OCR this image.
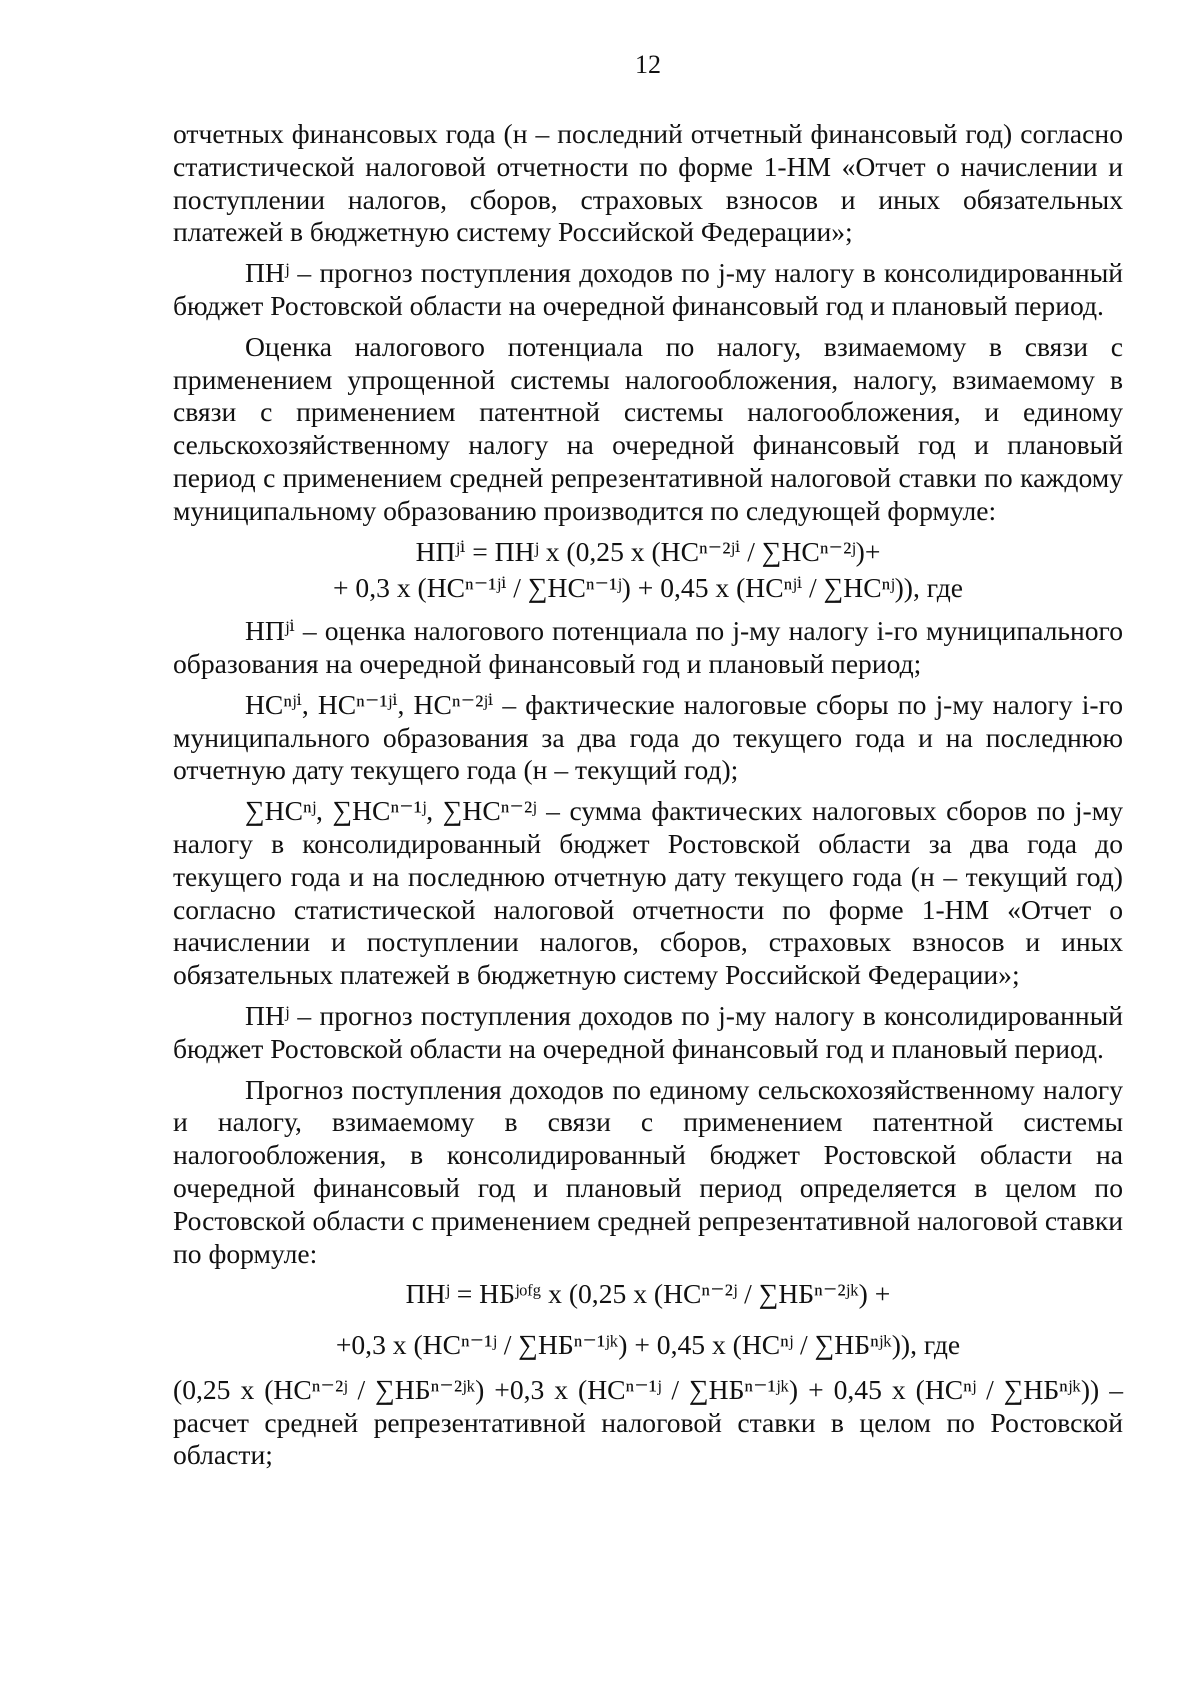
12

отчетных финансовых года (н – последний отчетный финансовый год) согласно статистической налоговой отчетности по форме 1-НМ «Отчет о начислении и поступлении налогов, сборов, страховых взносов и иных обязательных платежей в бюджетную систему Российской Федерации»;

ПНʲ – прогноз поступления доходов по j-му налогу в консолидированный бюджет Ростовской области на очередной финансовый год и плановый период.

Оценка налогового потенциала по налогу, взимаемому в связи с применением упрощенной системы налогообложения, налогу, взимаемому в связи с применением патентной системы налогообложения, и единому сельскохозяйственному налогу на очередной финансовый год и плановый период с применением средней репрезентативной налоговой ставки по каждому муниципальному образованию производится по следующей формуле:

НПʲⁱ = ПНʲ x (0,25 x (НСⁿ⁻²ʲⁱ / ∑НСⁿ⁻²ʲ)+

+ 0,3 x (НСⁿ⁻¹ʲⁱ / ∑НСⁿ⁻¹ʲ) + 0,45 x (НСⁿʲⁱ / ∑НСⁿʲ)), где

НПʲⁱ – оценка налогового потенциала по j-му налогу i-го муниципального образования на очередной финансовый год и плановый период;

НСⁿʲⁱ, НСⁿ⁻¹ʲⁱ, НСⁿ⁻²ʲⁱ – фактические налоговые сборы по j-му налогу i-го муниципального образования за два года до текущего года и на последнюю отчетную дату текущего года (н – текущий год);

∑НСⁿʲ, ∑НСⁿ⁻¹ʲ, ∑НСⁿ⁻²ʲ – сумма фактических налоговых сборов по j-му налогу в консолидированный бюджет Ростовской области за два года до текущего года и на последнюю отчетную дату текущего года (н – текущий год) согласно статистической налоговой отчетности по форме 1-НМ «Отчет о начислении и поступлении налогов, сборов, страховых взносов и иных обязательных платежей в бюджетную систему Российской Федерации»;

ПНʲ – прогноз поступления доходов по j-му налогу в консолидированный бюджет Ростовской области на очередной финансовый год и плановый период.

Прогноз поступления доходов по единому сельскохозяйственному налогу и налогу, взимаемому в связи с применением патентной системы налогообложения, в консолидированный бюджет Ростовской области на очередной финансовый год и плановый период определяется в целом по Ростовской области с применением средней репрезентативной налоговой ставки по формуле:

ПНʲ = НБʲᵒᶠᵍ x (0,25 x (НСⁿ⁻²ʲ / ∑НБⁿ⁻²ʲᵏ) +

+0,3 x (НСⁿ⁻¹ʲ / ∑НБⁿ⁻¹ʲᵏ) + 0,45 x (НСⁿʲ / ∑НБⁿʲᵏ)), где

(0,25 x (НСⁿ⁻²ʲ / ∑НБⁿ⁻²ʲᵏ) +0,3 x (НСⁿ⁻¹ʲ / ∑НБⁿ⁻¹ʲᵏ) + 0,45 x (НСⁿʲ / ∑НБⁿʲᵏ)) – расчет средней репрезентативной налоговой ставки в целом по Ростовской области;
